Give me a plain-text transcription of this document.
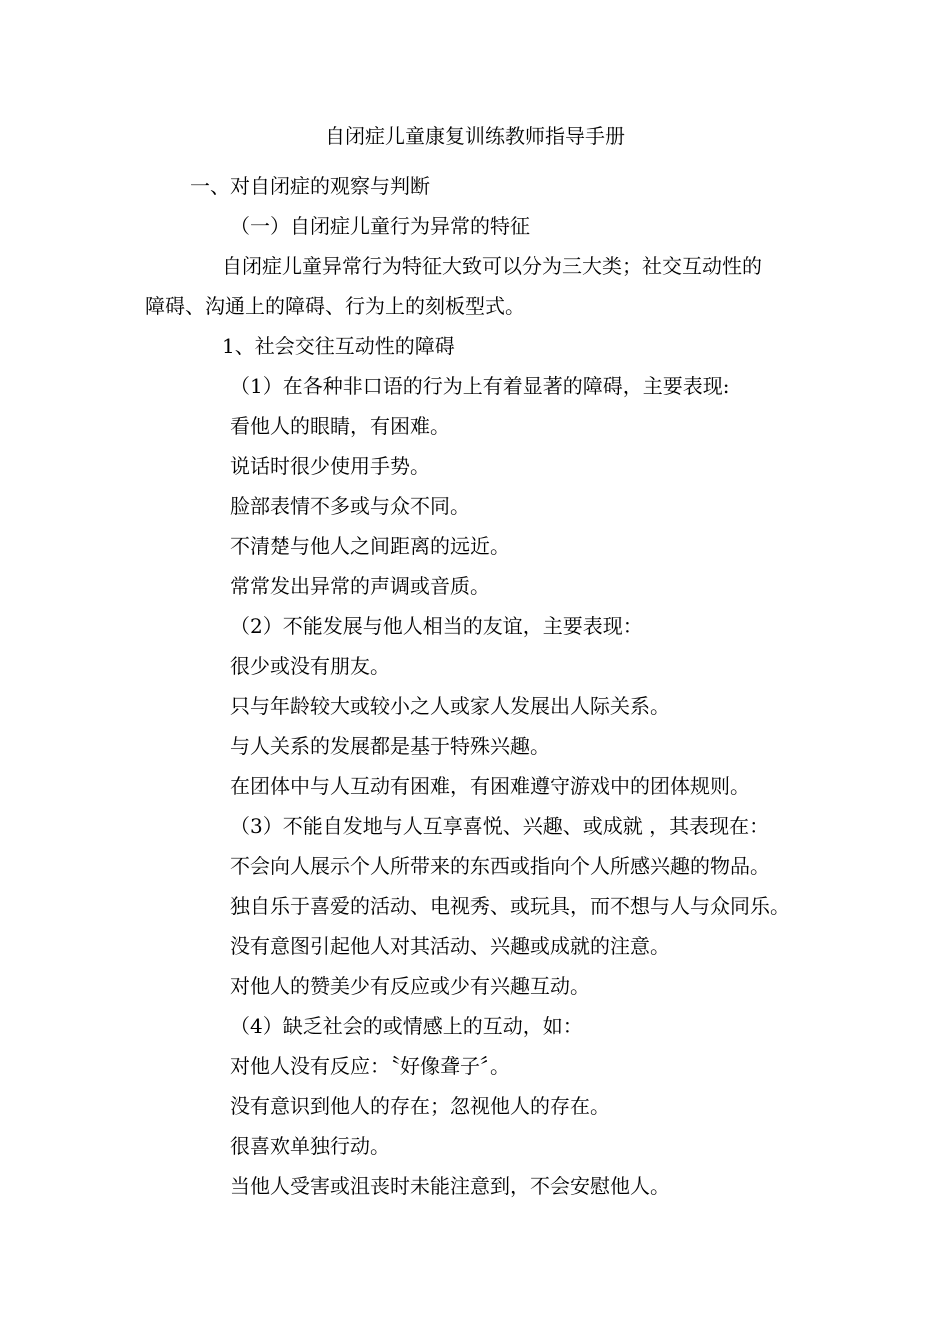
自闭症儿童康复训练教师指导手册
一、对自闭症的观察与判断
（一）自闭症儿童行为异常的特征
自闭症儿童异常行为特征大致可以分为三大类；社交互动性的
障碍、沟通上的障碍、行为上的刻板型式。
1、社会交往互动性的障碍
（1）在各种非口语的行为上有着显著的障碍，主要表现:
看他人的眼睛，有困难。
说话时很少使用手势。
脸部表情不多或与众不同。
不清楚与他人之间距离的远近。
常常发出异常的声调或音质。
（2）不能发展与他人相当的友谊，主要表现：
很少或没有朋友。
只与年龄较大或较小之人或家人发展出人际关系。
与人关系的发展都是基于特殊兴趣。
在团体中与人互动有困难，有困难遵守游戏中的团体规则。
（3）不能自发地与人互享喜悦、兴趣、或成就 ，其表现在：
不会向人展示个人所带来的东西或指向个人所感兴趣的物品。
独自乐于喜爱的活动、电视秀、或玩具，而不想与人与众同乐。
没有意图引起他人对其活动、兴趣或成就的注意。
对他人的赞美少有反应或少有兴趣互动。
（4）缺乏社会的或情感上的互动，如：
对他人没有反应：〝好像聋子〞。
没有意识到他人的存在；忽视他人的存在。
很喜欢单独行动。
当他人受害或沮丧时未能注意到，不会安慰他人。
